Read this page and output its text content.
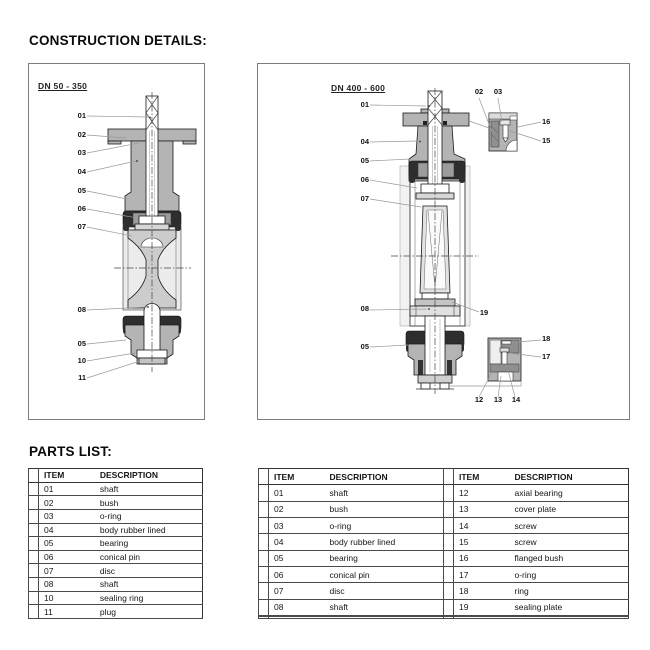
CONSTRUCTION DETAILS:
DN 50 - 350
01
02
03
04
05
06
07
08
05
10
11
DN 400 - 600
01
04
05
06
07
02	03
16
15
08	19
05
18
17
12	13	14
PARTS LIST:
	ITEM	DESCRIPTION
	01	shaft
	02	bush
	03	o-ring
	04	body rubber lined
	05	bearing
	06	conical pin
	07	disc
	08	shaft
	10	sealing ring
	11	plug
	ITEM	DESCRIPTION		ITEM	DESCRIPTION
	01	shaft		12	axial bearing
	02	bush		13	cover plate
	03	o-ring		14	screw
	04	body rubber lined		15	screw
	05	bearing		16	flanged bush
	06	conical pin		17	o-ring
	07	disc		18	ring
	08	shaft		19	sealing plate
